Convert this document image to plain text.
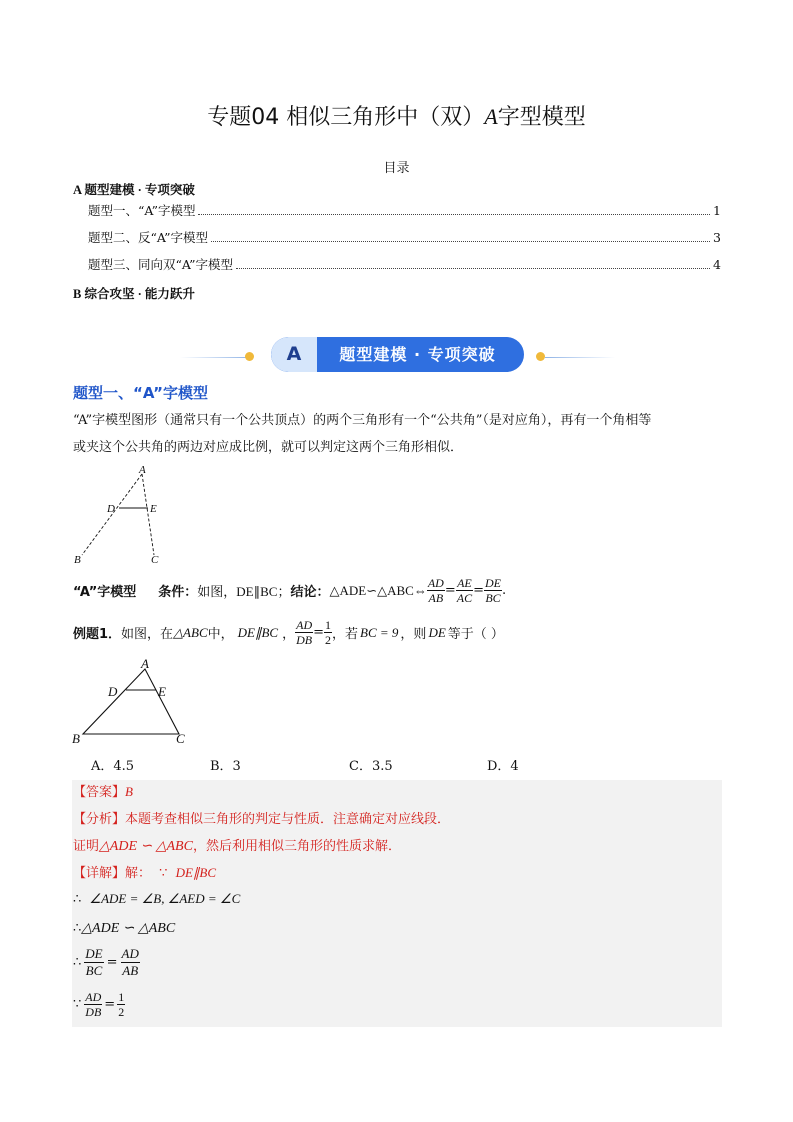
专题04 相似三角形中（双）A字型模型
目录
A 题型建模 · 专项突破
题型一、“A”字模型	1
题型二、反“A”字模型	3
题型三、同向双“A”字模型	4
B 综合攻坚 · 能力跃升
A	题型建模 · 专项突破
题型一、“A”字模型
“A”字模型图形（通常只有一个公共顶点）的两个三角形有一个“公共角”（是对应角），再有一个角相等
或夹这个公共角的两边对应成比例，就可以判定这两个三角形相似．
A
D	E
B	C
“A”字模型 条件： 如图，DE∥BC； 结论： △ADE∽△ABC⇔ $\frac{AD}{AB} = \frac{AE}{AC} = \frac{DE}{BC}$ .
例题1． 如图，在 △ABC 中， DE∥BC ， $\frac{AD}{DB} = \frac{1}{2}$ ，若 BC = 9 ，则 DE 等于（ ）
A
D	E
B	C
A．4.5	B．3	C．3.5	D．4
【答案】B
【分析】本题考查相似三角形的判定与性质．注意确定对应线段．
证明△ADE ∽ △ABC，然后利用相似三角形的性质求解．
【详解】解： ∵ DE∥BC
∴ ∠ADE = ∠B, ∠AED = ∠C
∴△ADE ∽ △ABC
∴ $\frac{DE}{BC} = \frac{AD}{AB}$
∵ $\frac{AD}{DB} = \frac{1}{2}$
